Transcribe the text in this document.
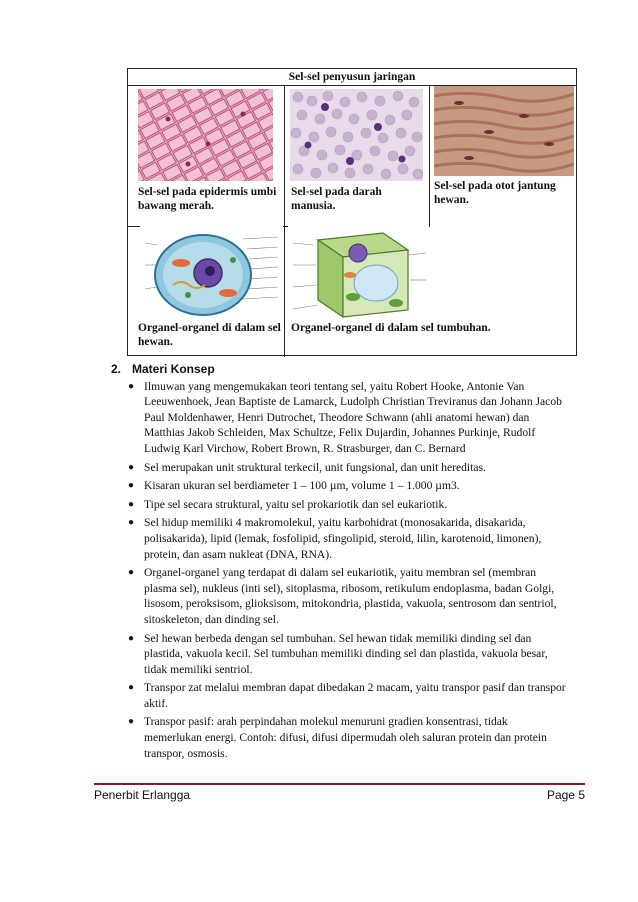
Sel-sel penyusun jaringan
Sel-sel pada epidermis umbi bawang merah.
Sel-sel pada darah manusia.
Sel-sel pada otot jantung hewan.
Organel-organel di dalam sel hewan.
Organel-organel di dalam sel tumbuhan.
2. Materi Konsep
● Ilmuwan yang mengemukakan teori tentang sel, yaitu Robert Hooke, Antonie Van Leeuwenhoek, Jean Baptiste de Lamarck, Ludolph Christian Treviranus dan Johann Jacob Paul Moldenhawer, Henri Dutrochet, Theodore Schwann (ahli anatomi hewan) dan Matthias Jakob Schleiden, Max Schultze, Felix Dujardin, Johannes Purkinje, Rudolf Ludwig Karl Virchow, Robert Brown, R. Strasburger, dan C. Bernard
● Sel merupakan unit struktural terkecil, unit fungsional, dan unit hereditas.
● Kisaran ukuran sel berdiameter 1 – 100 µm, volume 1 – 1.000 µm3.
● Tipe sel secara struktural, yaitu sel prokariotik dan sel eukariotik.
● Sel hidup memiliki 4 makromolekul, yaitu karbohidrat (monosakarida, disakarida, polisakarida), lipid (lemak, fosfolipid, sfingolipid, steroid, lilin, karotenoid, limonen), protein, dan asam nukleat (DNA, RNA).
● Organel-organel yang terdapat di dalam sel eukariotik, yaitu membran sel (membran plasma sel), nukleus (inti sel), sitoplasma, ribosom, retikulum endoplasma, badan Golgi, lisosom, peroksisom, glioksisom, mitokondria, plastida, vakuola, sentrosom dan sentriol, sitoskeleton, dan dinding sel.
● Sel hewan berbeda dengan sel tumbuhan. Sel hewan tidak memiliki dinding sel dan plastida, vakuola kecil. Sel tumbuhan memiliki dinding sel dan plastida, vakuola besar, tidak memiliki sentriol.
● Transpor zat melalui membran dapat dibedakan 2 macam, yaitu transpor pasif dan transpor aktif.
● Transpor pasif: arah perpindahan molekul menuruni gradien konsentrasi, tidak memerlukan energi. Contoh: difusi, difusi dipermudah oleh saluran protein dan protein transpor, osmosis.
Penerbit Erlangga	Page 5
